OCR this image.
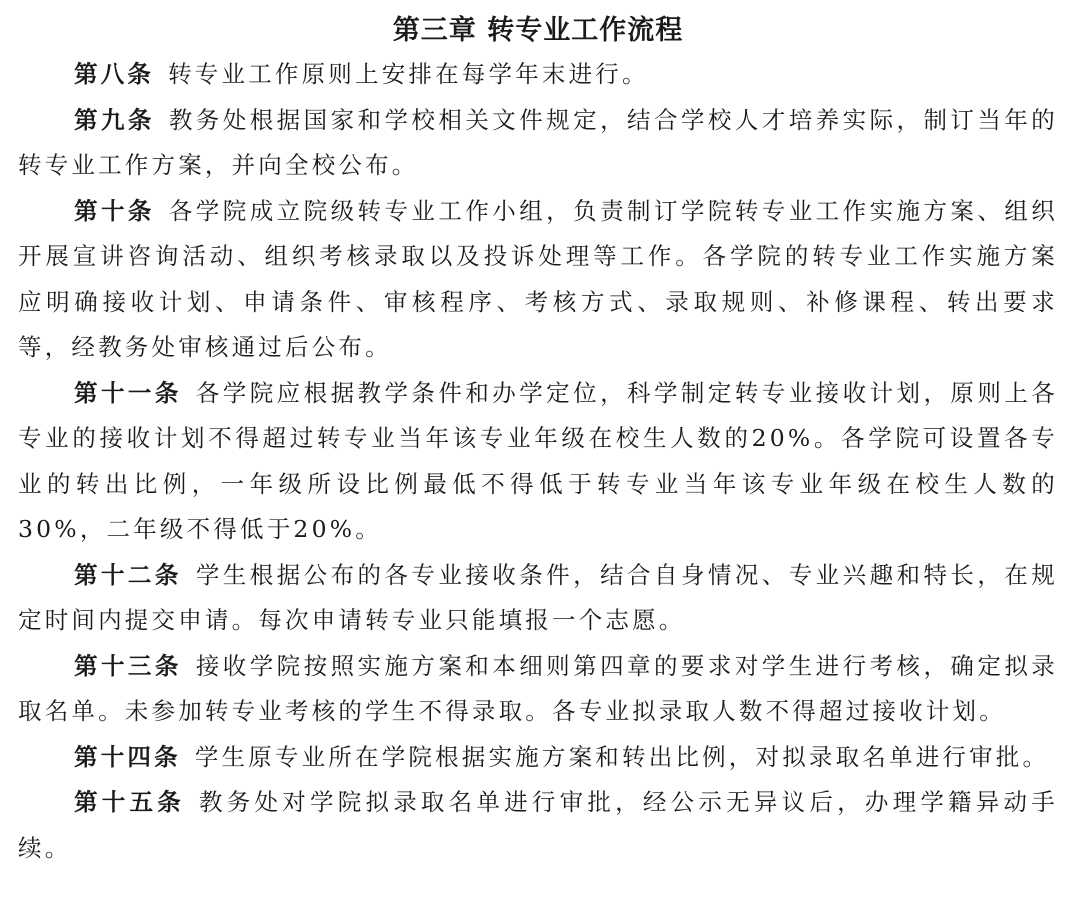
第三章 转专业工作流程

第八条 转专业工作原则上安排在每学年末进行。

第九条 教务处根据国家和学校相关文件规定，结合学校人才培养实际，制订当年的转专业工作方案，并向全校公布。

第十条 各学院成立院级转专业工作小组，负责制订学院转专业工作实施方案、组织开展宣讲咨询活动、组织考核录取以及投诉处理等工作。各学院的转专业工作实施方案应明确接收计划、申请条件、审核程序、考核方式、录取规则、补修课程、转出要求等，经教务处审核通过后公布。

第十一条 各学院应根据教学条件和办学定位，科学制定转专业接收计划，原则上各专业的接收计划不得超过转专业当年该专业年级在校生人数的20%。各学院可设置各专业的转出比例，一年级所设比例最低不得低于转专业当年该专业年级在校生人数的30%，二年级不得低于20%。

第十二条 学生根据公布的各专业接收条件，结合自身情况、专业兴趣和特长，在规定时间内提交申请。每次申请转专业只能填报一个志愿。

第十三条 接收学院按照实施方案和本细则第四章的要求对学生进行考核，确定拟录取名单。未参加转专业考核的学生不得录取。各专业拟录取人数不得超过接收计划。

第十四条 学生原专业所在学院根据实施方案和转出比例，对拟录取名单进行审批。

第十五条 教务处对学院拟录取名单进行审批，经公示无异议后，办理学籍异动手续。
